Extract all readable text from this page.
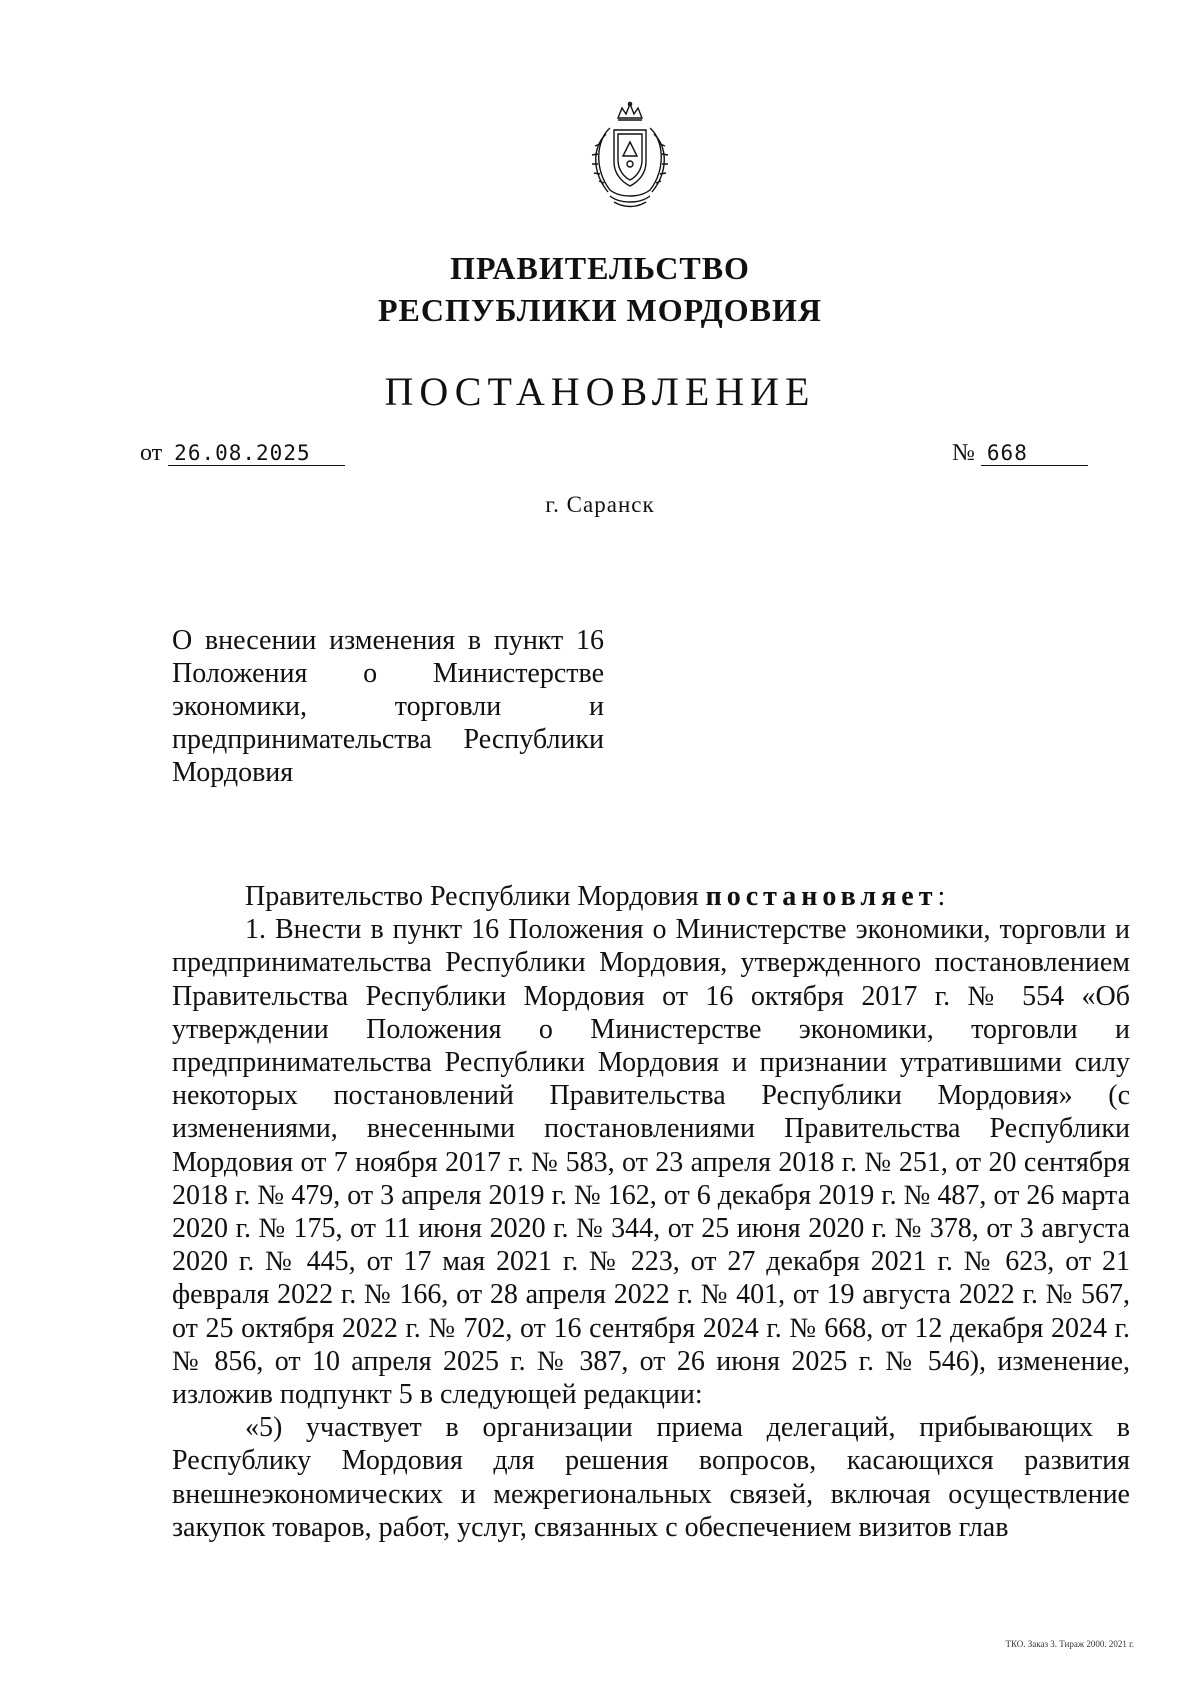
ПРАВИТЕЛЬСТВО
РЕСПУБЛИКИ МОРДОВИЯ
ПОСТАНОВЛЕНИЕ
от 26.08.2025	№ 668
г. Саранск
О внесении изменения в пункт 16 Положения о Министерстве экономики, торговли и предпринимательства Республики Мордовия

Правительство Республики Мордовия постановляет:

1. Внести в пункт 16 Положения о Министерстве экономики, торговли и предпринимательства Республики Мордовия, утвержденного постановлением Правительства Республики Мордовия от 16 октября 2017 г. № 554 «Об утверждении Положения о Министерстве экономики, торговли и предпринимательства Республики Мордовия и признании утратившими силу некоторых постановлений Правительства Республики Мордовия» (с изменениями, внесенными постановлениями Правительства Республики Мордовия от 7 ноября 2017 г. № 583, от 23 апреля 2018 г. № 251, от 20 сентября 2018 г. № 479, от 3 апреля 2019 г. № 162, от 6 декабря 2019 г. № 487, от 26 марта 2020 г. № 175, от 11 июня 2020 г. № 344, от 25 июня 2020 г. № 378, от 3 августа 2020 г. № 445, от 17 мая 2021 г. № 223, от 27 декабря 2021 г. № 623, от 21 февраля 2022 г. № 166, от 28 апреля 2022 г. № 401, от 19 августа 2022 г. № 567, от 25 октября 2022 г. № 702, от 16 сентября 2024 г. № 668, от 12 декабря 2024 г. № 856, от 10 апреля 2025 г. № 387, от 26 июня 2025 г. № 546), изменение, изложив подпункт 5 в следующей редакции:

«5) участвует в организации приема делегаций, прибывающих в Республику Мордовия для решения вопросов, касающихся развития внешнеэкономических и межрегиональных связей, включая осуществление закупок товаров, работ, услуг, связанных с обеспечением визитов глав

ТКО. Заказ 3. Тираж 2000. 2021 г.
